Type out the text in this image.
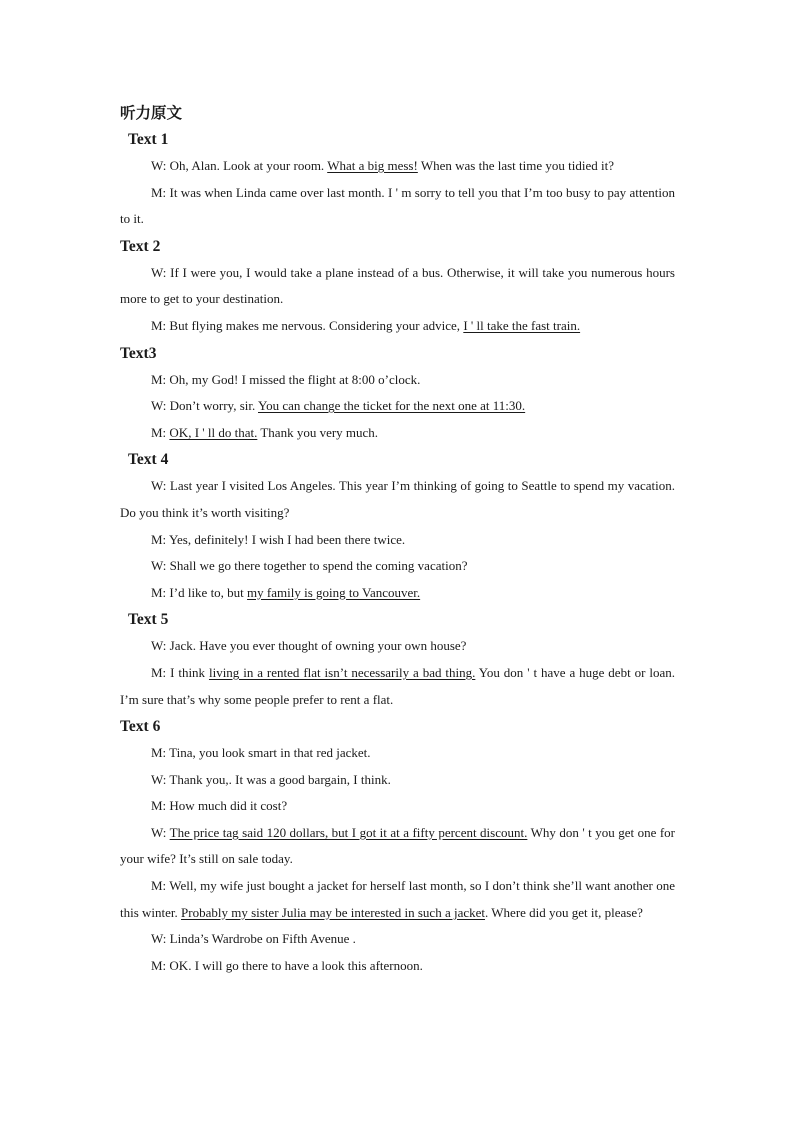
听力原文
Text 1

W: Oh, Alan. Look at your room. What a big mess! When was the last time you tidied it?

M: It was when Linda came over last month. I ' m sorry to tell you that I’m too busy to pay attention to it.

Text 2

W: If I were you, I would take a plane instead of a bus. Otherwise, it will take you numerous hours more to get to your destination.

M: But flying makes me nervous. Considering your advice, I ' ll take the fast train.

Text3

M: Oh, my God! I missed the flight at 8:00 o’clock.

W: Don’t worry, sir. You can change the ticket for the next one at 11:30.

M: OK, I ' ll do that. Thank you very much.

Text 4

W: Last year I visited Los Angeles. This year I’m thinking of going to Seattle to spend my vacation. Do you think it’s worth visiting?

M: Yes, definitely! I wish I had been there twice.

W: Shall we go there together to spend the coming vacation?

M: I’d like to, but my family is going to Vancouver.

Text 5

W: Jack. Have you ever thought of owning your own house?

M: I think living in a rented flat isn’t necessarily a bad thing. You don ' t have a huge debt or loan. I’m sure that’s why some people prefer to rent a flat.

Text 6

M: Tina, you look smart in that red jacket.

W: Thank you,. It was a good bargain, I think.

M: How much did it cost?

W: The price tag said 120 dollars, but I got it at a fifty percent discount. Why don ' t you get one for your wife? It’s still on sale today.

M: Well, my wife just bought a jacket for herself last month, so I don’t think she’ll want another one this winter. Probably my sister Julia may be interested in such a jacket. Where did you get it, please?

W: Linda’s Wardrobe on Fifth Avenue .

M: OK. I will go there to have a look this afternoon.
